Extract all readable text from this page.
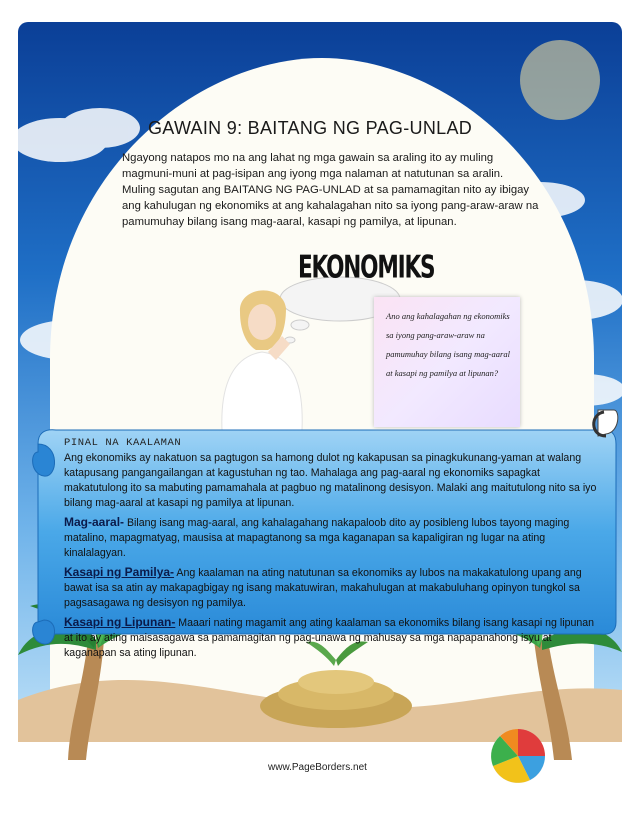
GAWAIN 9: BAITANG NG PAG-UNLAD
Ngayong natapos mo na ang lahat ng mga gawain sa araling ito ay muling
magmuni-muni at pag-isipan ang iyong mga nalaman at natutunan sa aralin.
Muling sagutan ang BAITANG NG PAG-UNLAD at sa pamamagitan nito ay ibigay
ang kahulugan ng ekonomiks at ang kahalagahan nito sa iyong pang-araw-araw na
pamumuhay bilang isang mag-aaral, kasapi ng pamilya, at lipunan.
EKONOMIKS

Ano ang kahalagahan ng ekonomiks sa iyong pang-araw-araw na pamumuhay bilang isang mag-aaral at kasapi ng pamilya at lipunan?

PINAL NA KAALAMAN

Ang ekonomiks ay nakatuon sa pagtugon sa hamong dulot ng kakapusan sa pinagkukunang-yaman at walang katapusang pangangailangan at kagustuhan ng tao. Mahalaga ang pag-aaral ng ekonomiks sapagkat makatutulong ito sa mabuting pamamahala at pagbuo ng matalinong desisyon. Malaki ang maitutulong nito sa iyo bilang mag-aaral at kasapi ng pamilya at lipunan.

Mag-aaral- Bilang isang mag-aaral, ang kahalagahang nakapaloob dito ay posibleng lubos tayong maging matalino, mapagmatyag, mausisa at mapagtanong sa mga kaganapan sa kapaligiran ng lugar na ating kinalalagyan.

Kasapi ng Pamilya- Ang kaalaman na ating natutunan sa ekonomiks ay lubos na makakatulong upang ang bawat isa sa atin ay makapagbigay ng isang makatuwiran, makahulugan at makabuluhang opinyon tungkol sa pagsasagawa ng desisyon ng pamilya.

Kasapi ng Lipunan- Maaari nating magamit ang ating kaalaman sa ekonomiks bilang isang kasapi ng lipunan at ito ay ating maisasagawa sa pamamagitan ng pag-unawa ng mahusay sa mga napapanahong isyu at kaganapan sa ating lipunan.

www.PageBorders.net
